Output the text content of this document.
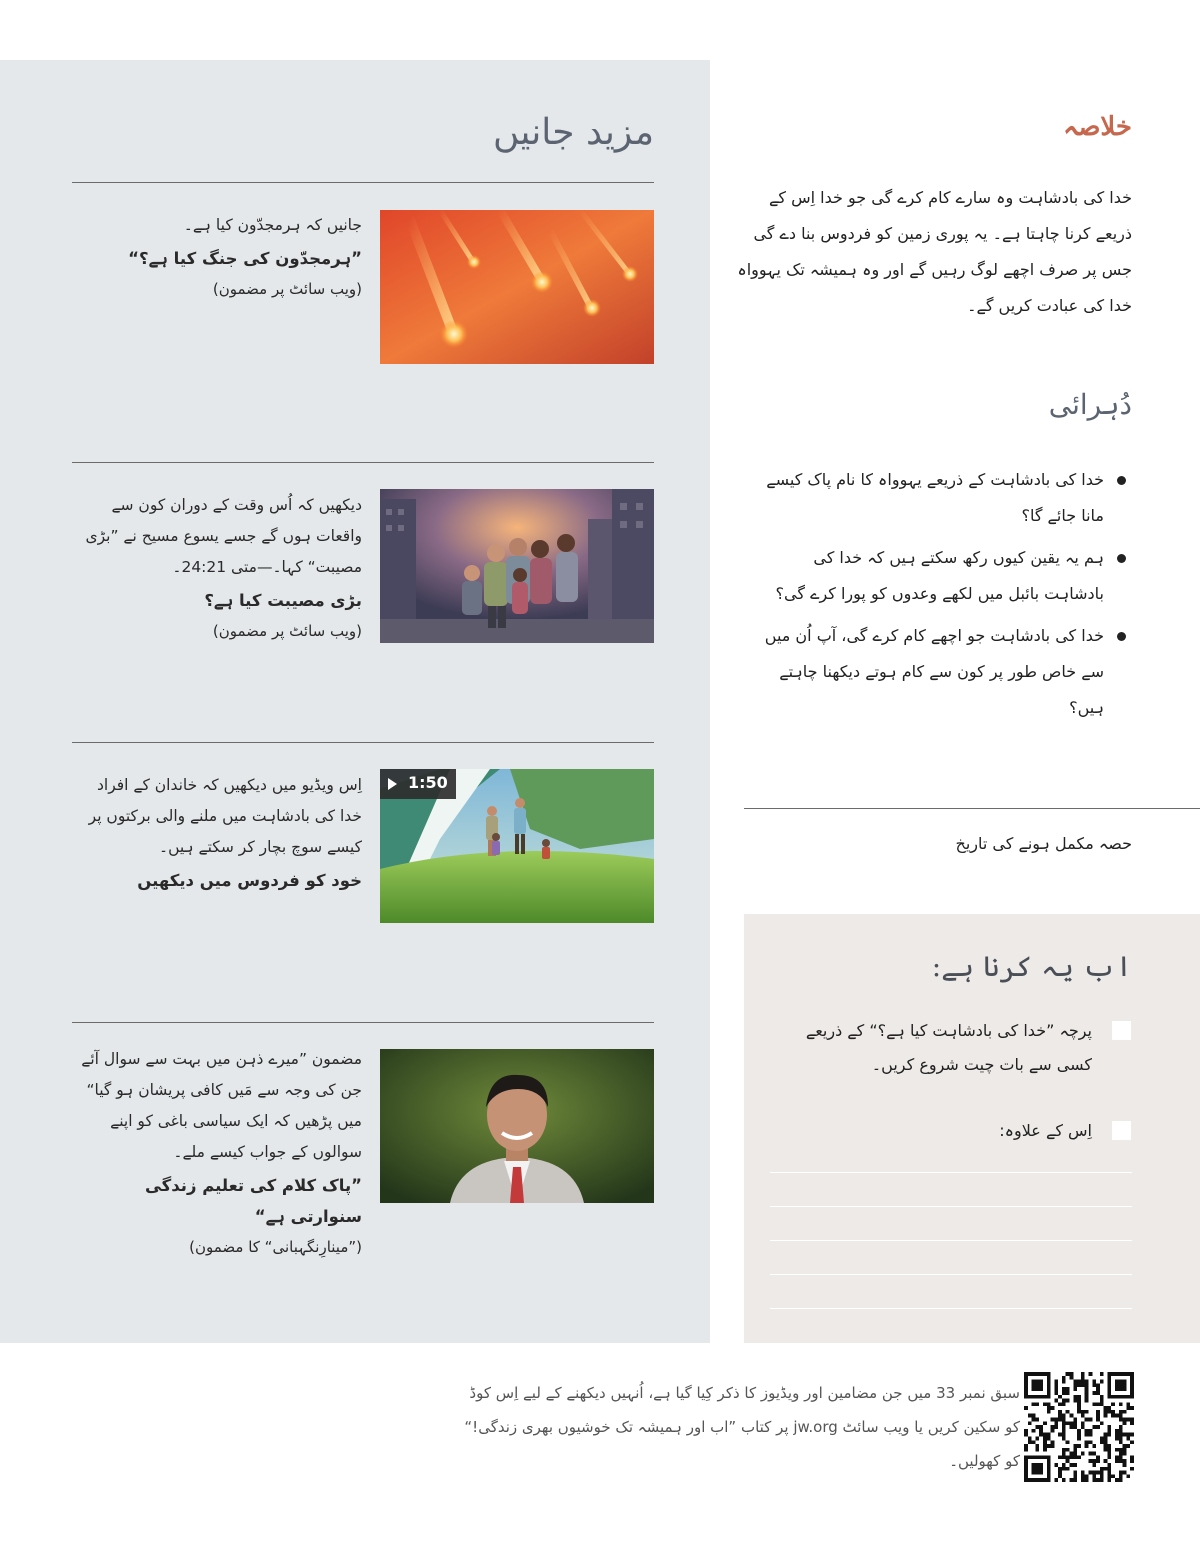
مزید جانیں
جانیں کہ ہرمجدّون کیا ہے۔
”ہرمجدّون کی جنگ کیا ہے؟“
(ویب سائٹ پر مضمون)
دیکھیں کہ اُس وقت کے دوران کون سے واقعات ہوں گے جسے یسوع مسیح نے ”بڑی مصیبت“ کہا۔—متی 24:21۔
بڑی مصیبت کیا ہے؟
(ویب سائٹ پر مضمون)
1:50
اِس ویڈیو میں دیکھیں کہ خاندان کے افراد خدا کی بادشاہت میں ملنے والی برکتوں پر کیسے سوچ بچار کر سکتے ہیں۔
خود کو فردوس میں دیکھیں
مضمون ”میرے ذہن میں بہت سے سوال آئے جن کی وجہ سے مَیں کافی پریشان ہو گیا“ میں پڑھیں کہ ایک سیاسی باغی کو اپنے سوالوں کے جواب کیسے ملے۔
”پاک کلام کی تعلیم زندگی سنوارتی ہے“
(”مینارِنگہبانی“ کا مضمون)
خلاصہ
خدا کی بادشاہت وہ سارے کام کرے گی جو خدا اِس کے ذریعے کرنا چاہتا ہے۔ یہ پوری زمین کو فردوس بنا دے گی جس پر صرف اچھے لوگ رہیں گے اور وہ ہمیشہ تک یہوواہ خدا کی عبادت کریں گے۔
دُہرائی
خدا کی بادشاہت کے ذریعے یہوواہ کا نام پاک کیسے مانا جائے گا؟
ہم یہ یقین کیوں رکھ سکتے ہیں کہ خدا کی بادشاہت بائبل میں لکھے وعدوں کو پورا کرے گی؟
خدا کی بادشاہت جو اچھے کام کرے گی، آپ اُن میں سے خاص طور پر کون سے کام ہوتے دیکھنا چاہتے ہیں؟
حصہ مکمل ہونے کی تاریخ
اب یہ کرنا ہے:
پرچہ ”خدا کی بادشاہت کیا ہے؟“ کے ذریعے کسی سے بات چیت شروع کریں۔
اِس کے علاوہ:
سبق نمبر 33 میں جن مضامین اور ویڈیوز کا ذکر کِیا گیا ہے، اُنہیں دیکھنے کے لیے اِس کوڈ کو سکین کریں یا ویب سائٹ jw.org پر کتاب ”اب اور ہمیشہ تک خوشیوں بھری زندگی!“ کو کھولیں۔
